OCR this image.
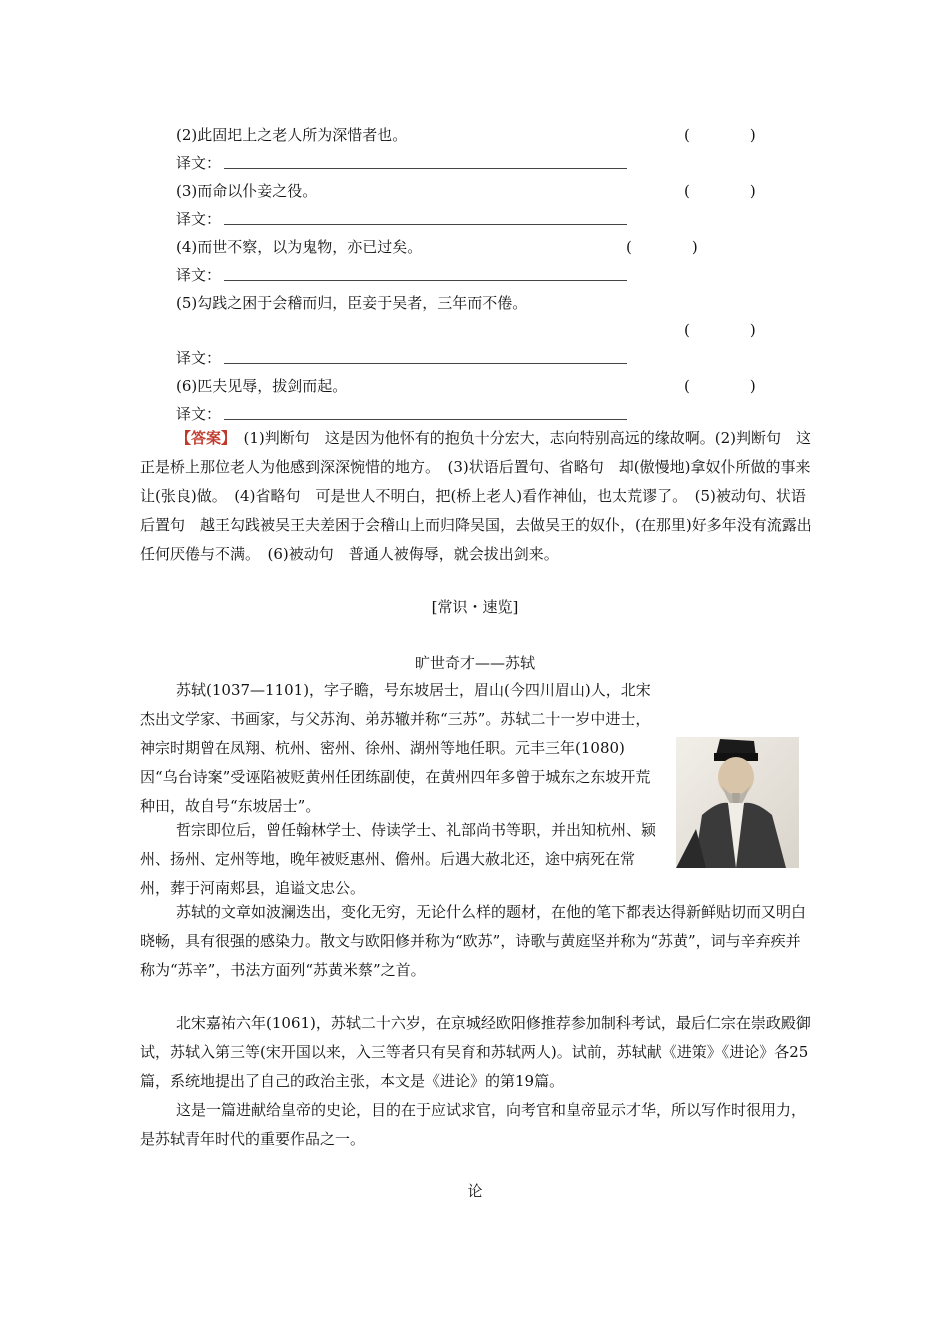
(2)此固圯上之老人所为深惜者也。	(　　　　)
译文：
(3)而命以仆妾之役。	(　　　　)
译文：
(4)而世不察，以为鬼物，亦已过矣。	(　　　　)
译文：
(5)勾践之困于会稽而归，臣妾于吴者，三年而不倦。
(　　　　)
译文：
(6)匹夫见辱，拔剑而起。	(　　　　)
译文：
【答案】　(1)判断句　这是因为他怀有的抱负十分宏大，志向特别高远的缘故啊。(2)判断句　这正是桥上那位老人为他感到深深惋惜的地方。　(3)状语后置句、省略句　却(傲慢地)拿奴仆所做的事来让(张良)做。　(4)省略句　可是世人不明白，把(桥上老人)看作神仙，也太荒谬了。　(5)被动句、状语后置句　越王勾践被吴王夫差困于会稽山上而归降吴国，去做吴王的奴仆，(在那里)好多年没有流露出任何厌倦与不满。　(6)被动句　普通人被侮辱，就会拔出剑来。
[常识・速览]
旷世奇才——苏轼
苏轼(1037—1101)，字子瞻，号东坡居士，眉山(今四川眉山)人，北宋杰出文学家、书画家，与父苏洵、弟苏辙并称“三苏”。苏轼二十一岁中进士，神宗时期曾在凤翔、杭州、密州、徐州、湖州等地任职。元丰三年(1080)因“乌台诗案”受诬陷被贬黄州任团练副使，在黄州四年多曾于城东之东坡开荒种田，故自号“东坡居士”。
哲宗即位后，曾任翰林学士、侍读学士、礼部尚书等职，并出知杭州、颍州、扬州、定州等地，晚年被贬惠州、儋州。后遇大赦北还，途中病死在常州，葬于河南郏县，追谥文忠公。
苏轼的文章如波澜迭出，变化无穷，无论什么样的题材，在他的笔下都表达得新鲜贴切而又明白晓畅，具有很强的感染力。散文与欧阳修并称为“欧苏”，诗歌与黄庭坚并称为“苏黄”，词与辛弃疾并称为“苏辛”，书法方面列“苏黄米蔡”之首。
北宋嘉祐六年(1061)，苏轼二十六岁，在京城经欧阳修推荐参加制科考试，最后仁宗在崇政殿御试，苏轼入第三等(宋开国以来，入三等者只有吴育和苏轼两人)。试前，苏轼献《进策》《进论》各25篇，系统地提出了自己的政治主张，本文是《进论》的第19篇。
这是一篇进献给皇帝的史论，目的在于应试求官，向考官和皇帝显示才华，所以写作时很用力，是苏轼青年时代的重要作品之一。
论
